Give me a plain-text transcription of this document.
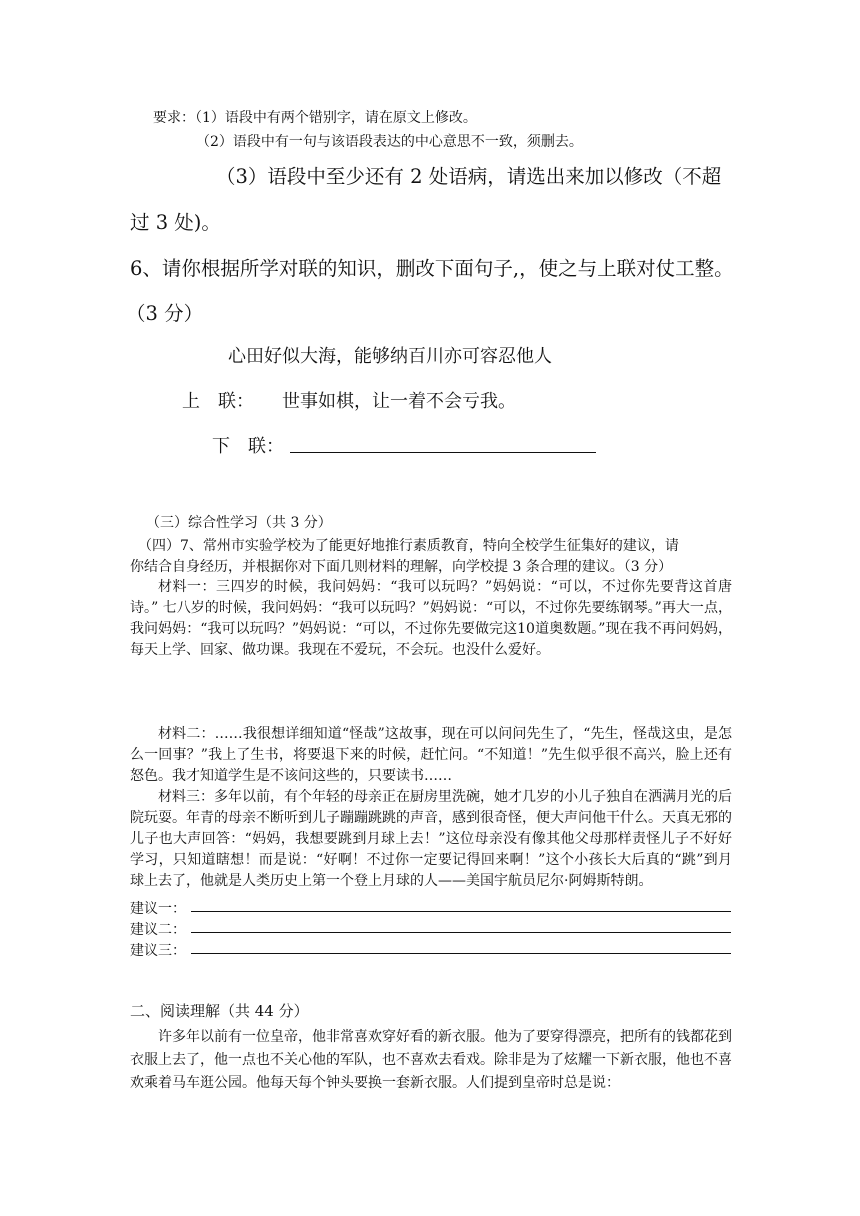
要求：（1）语段中有两个错别字，请在原文上修改。
（2）语段中有一句与该语段表达的中心意思不一致，须删去。
（3）语段中至少还有 2 处语病，请选出来加以修改（不超
过 3 处)。
6、请你根据所学对联的知识，删改下面句子,，使之与上联对仗工整。
（3 分）
心田好似大海，能够纳百川亦可容忍他人
上　联： 世事如棋，让一着不会亏我。
下　联：
（三）综合性学习（共 3 分）
（四）7、常州市实验学校为了能更好地推行素质教育，特向全校学生征集好的建议，请
你结合自身经历，并根据你对下面几则材料的理解，向学校提 3 条合理的建议。（3 分）

材料一：三四岁的时候，我问妈妈：“我可以玩吗？”妈妈说：“可以，不过你先要背这首唐诗。” 七八岁的时候，我问妈妈：“我可以玩吗？”妈妈说：“可以，不过你先要练钢琴。”再大一点，我问妈妈：“我可以玩吗？”妈妈说：“可以，不过你先要做完这10道奥数题。”现在我不再问妈妈，每天上学、回家、做功课。我现在不爱玩，不会玩。也没什么爱好。

材料二：……我很想详细知道“怪哉”这故事，现在可以问问先生了，“先生，怪哉这虫，是怎么一回事？”我上了生书，将要退下来的时候，赶忙问。“不知道！”先生似乎很不高兴，脸上还有怒色。我才知道学生是不该问这些的，只要读书……

材料三：多年以前，有个年轻的母亲正在厨房里洗碗，她才几岁的小儿子独自在洒满月光的后院玩耍。年青的母亲不断听到儿子蹦蹦跳跳的声音，感到很奇怪，便大声问他干什么。天真无邪的儿子也大声回答：“妈妈，我想要跳到月球上去！”这位母亲没有像其他父母那样责怪儿子不好好学习，只知道瞎想！而是说：“好啊！不过你一定要记得回来啊！”这个小孩长大后真的“跳”到月球上去了，他就是人类历史上第一个登上月球的人——美国宇航员尼尔·阿姆斯特朗。

建议一：
建议二：
建议三：
二、阅读理解（共 44 分）

许多年以前有一位皇帝，他非常喜欢穿好看的新衣服。他为了要穿得漂亮，把所有的钱都花到衣服上去了，他一点也不关心他的军队，也不喜欢去看戏。除非是为了炫耀一下新衣服，他也不喜欢乘着马车逛公园。他每天每个钟头要换一套新衣服。人们提到皇帝时总是说：
